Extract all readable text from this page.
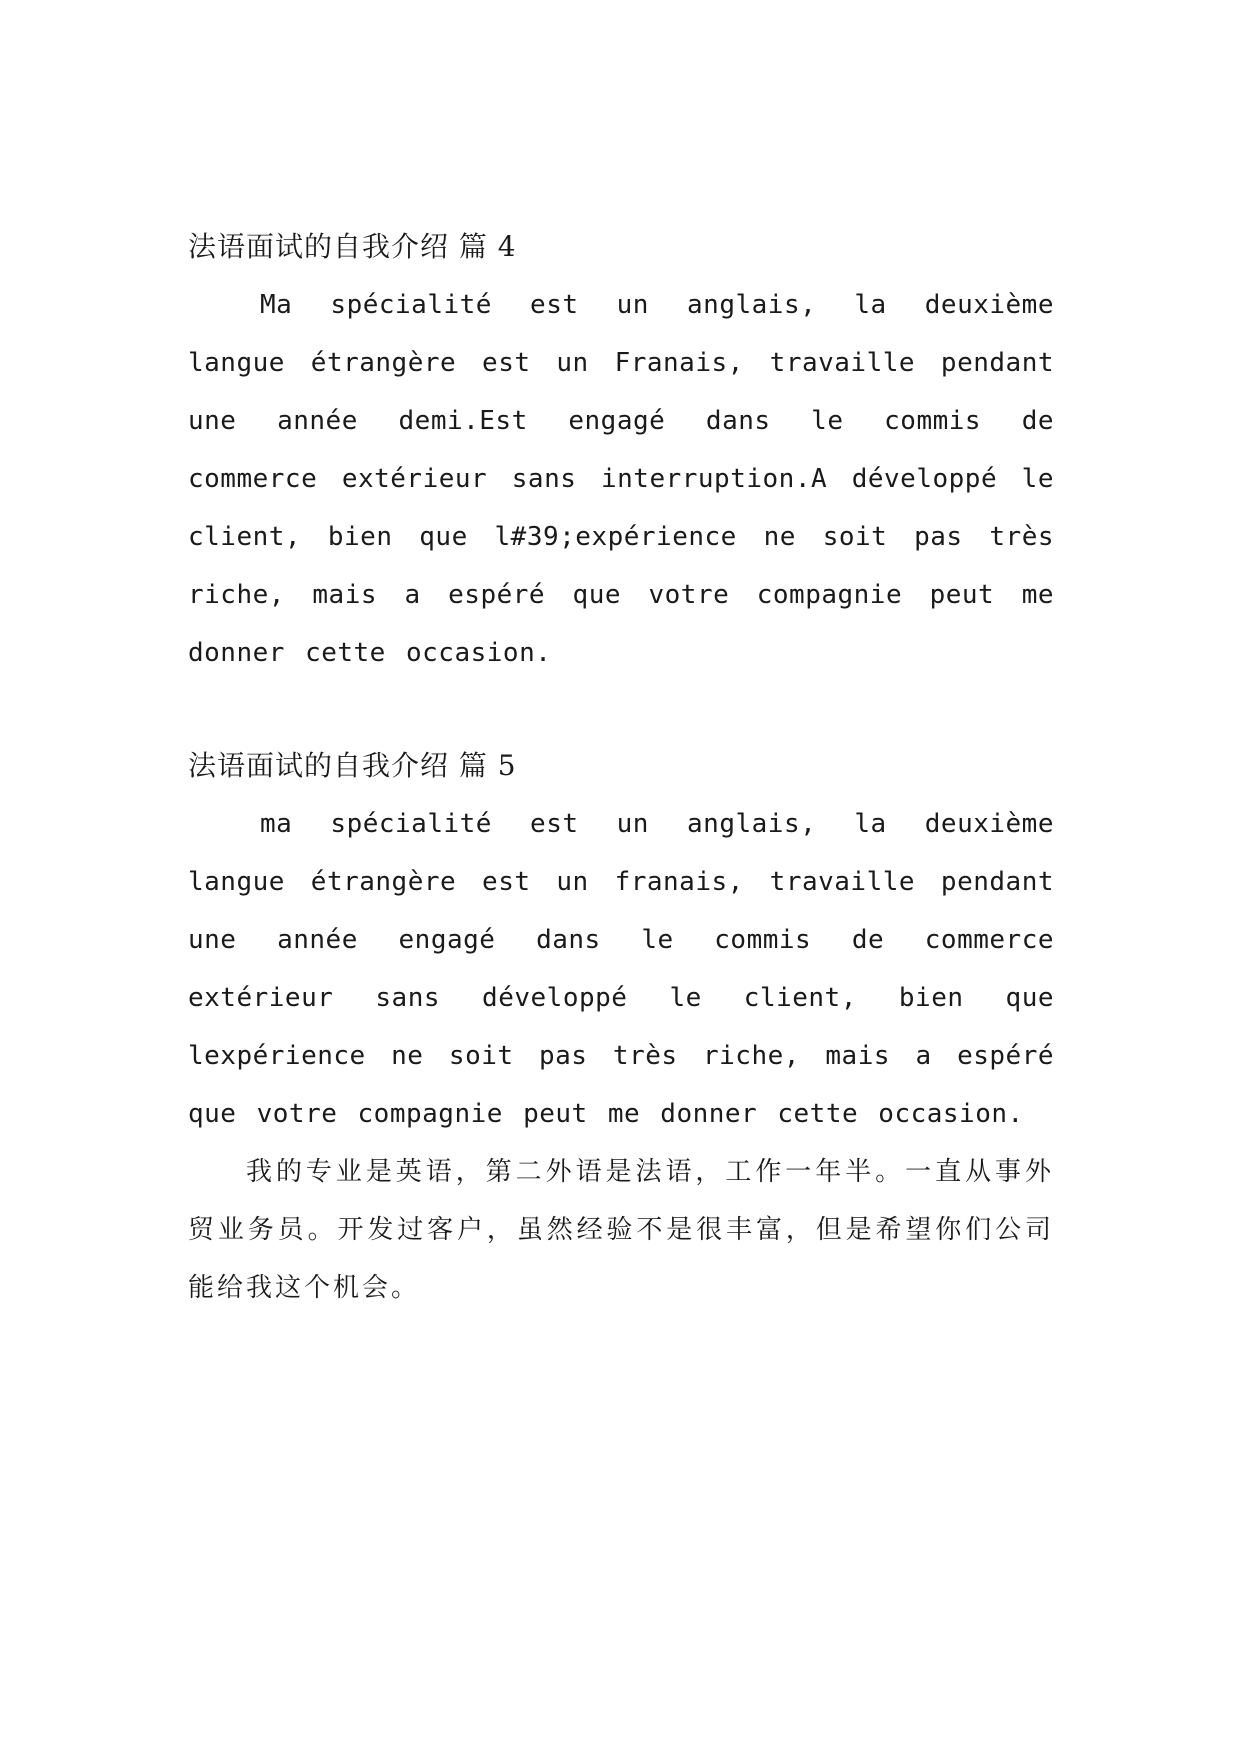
法语面试的自我介绍 篇 4

Ma spécialité est un anglais, la deuxième langue étrangère est un Franais, travaille pendant une année demi.Est engagé dans le commis de commerce extérieur sans interruption.A développé le client, bien que l#39;expérience ne soit pas très riche, mais a espéré que votre compagnie peut me donner cette occasion.

法语面试的自我介绍 篇 5

ma spécialité est un anglais, la deuxième langue étrangère est un franais, travaille pendant une année engagé dans le commis de commerce extérieur sans développé le client, bien que lexpérience ne soit pas très riche, mais a espéré que votre compagnie peut me donner cette occasion.

我的专业是英语，第二外语是法语，工作一年半。一直从事外贸业务员。开发过客户，虽然经验不是很丰富，但是希望你们公司能给我这个机会。
